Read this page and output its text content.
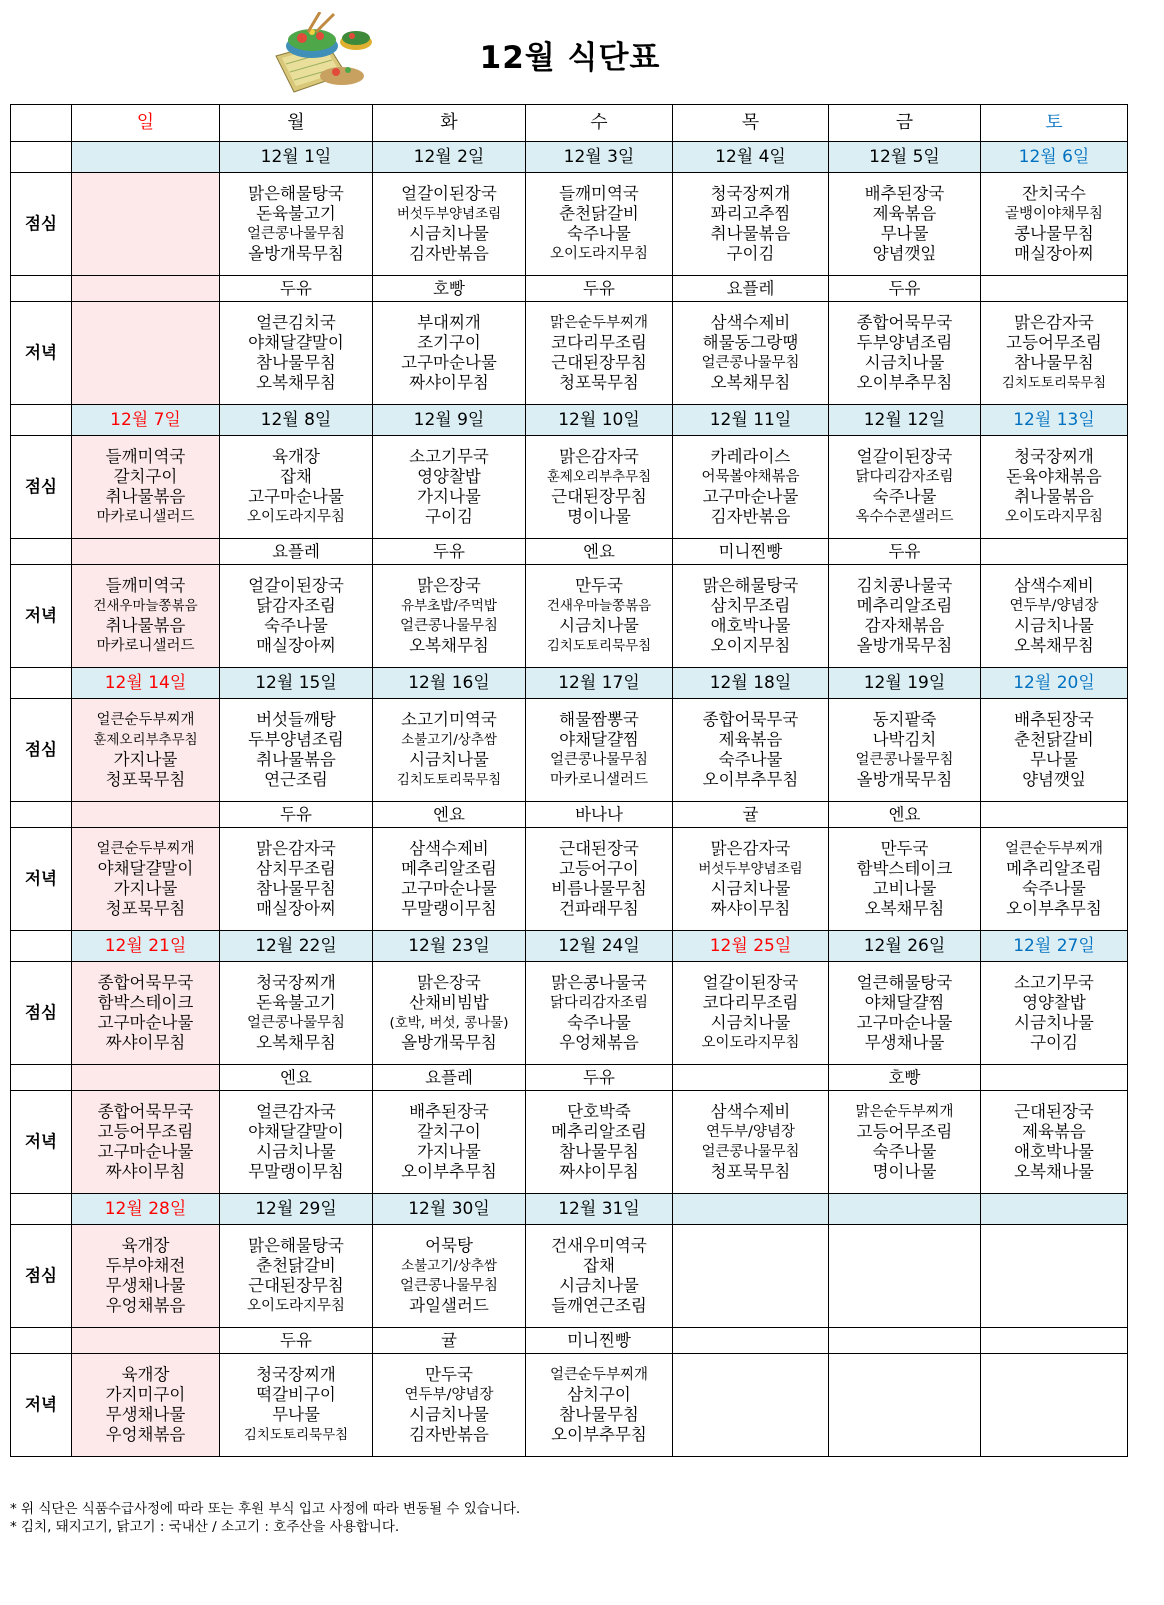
12월 식단표
	일	월	화	수	목	금	토
		12월 1일	12월 2일	12월 3일	12월 4일	12월 5일	12월 6일
점심		맑은해물탕국
돈육불고기
얼큰콩나물무침
올방개묵무침	얼갈이된장국
버섯두부양념조림
시금치나물
김자반볶음	들깨미역국
춘천닭갈비
숙주나물
오이도라지무침	청국장찌개
꽈리고추찜
취나물볶음
구이김	배추된장국
제육볶음
무나물
양념깻잎	잔치국수
골뱅이야채무침
콩나물무침
매실장아찌

		두유	호빵	두유	요플레	두유	
저녁		얼큰김치국
야채달걀말이
참나물무침
오복채무침	부대찌개
조기구이
고구마순나물
짜샤이무침	맑은순두부찌개
코다리무조림
근대된장무침
청포묵무침	삼색수제비
해물동그랑땡
얼큰콩나물무침
오복채무침	종합어묵무국
두부양념조림
시금치나물
오이부추무침	맑은감자국
고등어무조림
참나물무침
김치도토리묵무침

	12월 7일	12월 8일	12월 9일	12월 10일	12월 11일	12월 12일	12월 13일
점심	들깨미역국
갈치구이
취나물볶음
마카로니샐러드	육개장
잡채
고구마순나물
오이도라지무침	소고기무국
영양찰밥
가지나물
구이김	맑은감자국
훈제오리부추무침
근대된장무침
명이나물	카레라이스
어묵볼야채볶음
고구마순나물
김자반볶음	얼갈이된장국
닭다리감자조림
숙주나물
옥수수콘샐러드	청국장찌개
돈육야채볶음
취나물볶음
오이도라지무침

		요플레	두유	엔요	미니찐빵	두유	
저녁	들깨미역국
건새우마늘쫑볶음
취나물볶음
마카로니샐러드	얼갈이된장국
닭감자조림
숙주나물
매실장아찌	맑은장국
유부초밥/주먹밥
얼큰콩나물무침
오복채무침	만두국
건새우마늘쫑볶음
시금치나물
김치도토리묵무침	맑은해물탕국
삼치무조림
애호박나물
오이지무침	김치콩나물국
메추리알조림
감자채볶음
올방개묵무침	삼색수제비
연두부/양념장
시금치나물
오복채무침

	12월 14일	12월 15일	12월 16일	12월 17일	12월 18일	12월 19일	12월 20일
점심	얼큰순두부찌개
훈제오리부추무침
가지나물
청포묵무침	버섯들깨탕
두부양념조림
취나물볶음
연근조림	소고기미역국
소불고기/상추쌈
시금치나물
김치도토리묵무침	해물짬뽕국
야채달걀찜
얼큰콩나물무침
마카로니샐러드	종합어묵무국
제육볶음
숙주나물
오이부추무침	동지팥죽
나박김치
얼큰콩나물무침
올방개묵무침	배추된장국
춘천닭갈비
무나물
양념깻잎

		두유	엔요	바나나	귤	엔요	
저녁	얼큰순두부찌개
야채달걀말이
가지나물
청포묵무침	맑은감자국
삼치무조림
참나물무침
매실장아찌	삼색수제비
메추리알조림
고구마순나물
무말랭이무침	근대된장국
고등어구이
비름나물무침
건파래무침	맑은감자국
버섯두부양념조림
시금치나물
짜샤이무침	만두국
함박스테이크
고비나물
오복채무침	얼큰순두부찌개
메추리알조림
숙주나물
오이부추무침

	12월 21일	12월 22일	12월 23일	12월 24일	12월 25일	12월 26일	12월 27일
점심	종합어묵무국
함박스테이크
고구마순나물
짜샤이무침	청국장찌개
돈육불고기
얼큰콩나물무침
오복채무침	맑은장국
산채비빔밥
(호박, 버섯, 콩나물)
올방개묵무침	맑은콩나물국
닭다리감자조림
숙주나물
우엉채볶음	얼갈이된장국
코다리무조림
시금치나물
오이도라지무침	얼큰해물탕국
야채달걀찜
고구마순나물
무생채나물	소고기무국
영양찰밥
시금치나물
구이김

		엔요	요플레	두유		호빵	
저녁	종합어묵무국
고등어무조림
고구마순나물
짜샤이무침	얼큰감자국
야채달걀말이
시금치나물
무말랭이무침	배추된장국
갈치구이
가지나물
오이부추무침	단호박죽
메추리알조림
참나물무침
짜샤이무침	삼색수제비
연두부/양념장
얼큰콩나물무침
청포묵무침	맑은순두부찌개
고등어무조림
숙주나물
명이나물	근대된장국
제육볶음
애호박나물
오복채나물

	12월 28일	12월 29일	12월 30일	12월 31일			
점심	육개장
두부야채전
무생채나물
우엉채볶음	맑은해물탕국
춘천닭갈비
근대된장무침
오이도라지무침	어묵탕
소불고기/상추쌈
얼큰콩나물무침
과일샐러드	건새우미역국
잡채
시금치나물
들깨연근조림			

		두유	귤	미니찐빵			
저녁	육개장
가지미구이
무생채나물
우엉채볶음	청국장찌개
떡갈비구이
무나물
김치도토리묵무침	만두국
연두부/양념장
시금치나물
김자반볶음	얼큰순두부찌개
삼치구이
참나물무침
오이부추무침			

* 위 식단은 식품수급사정에 따라 또는 후원 부식 입고 사정에 따라 변동될 수 있습니다.
* 김치, 돼지고기, 닭고기 : 국내산 / 소고기 : 호주산을 사용합니다.
